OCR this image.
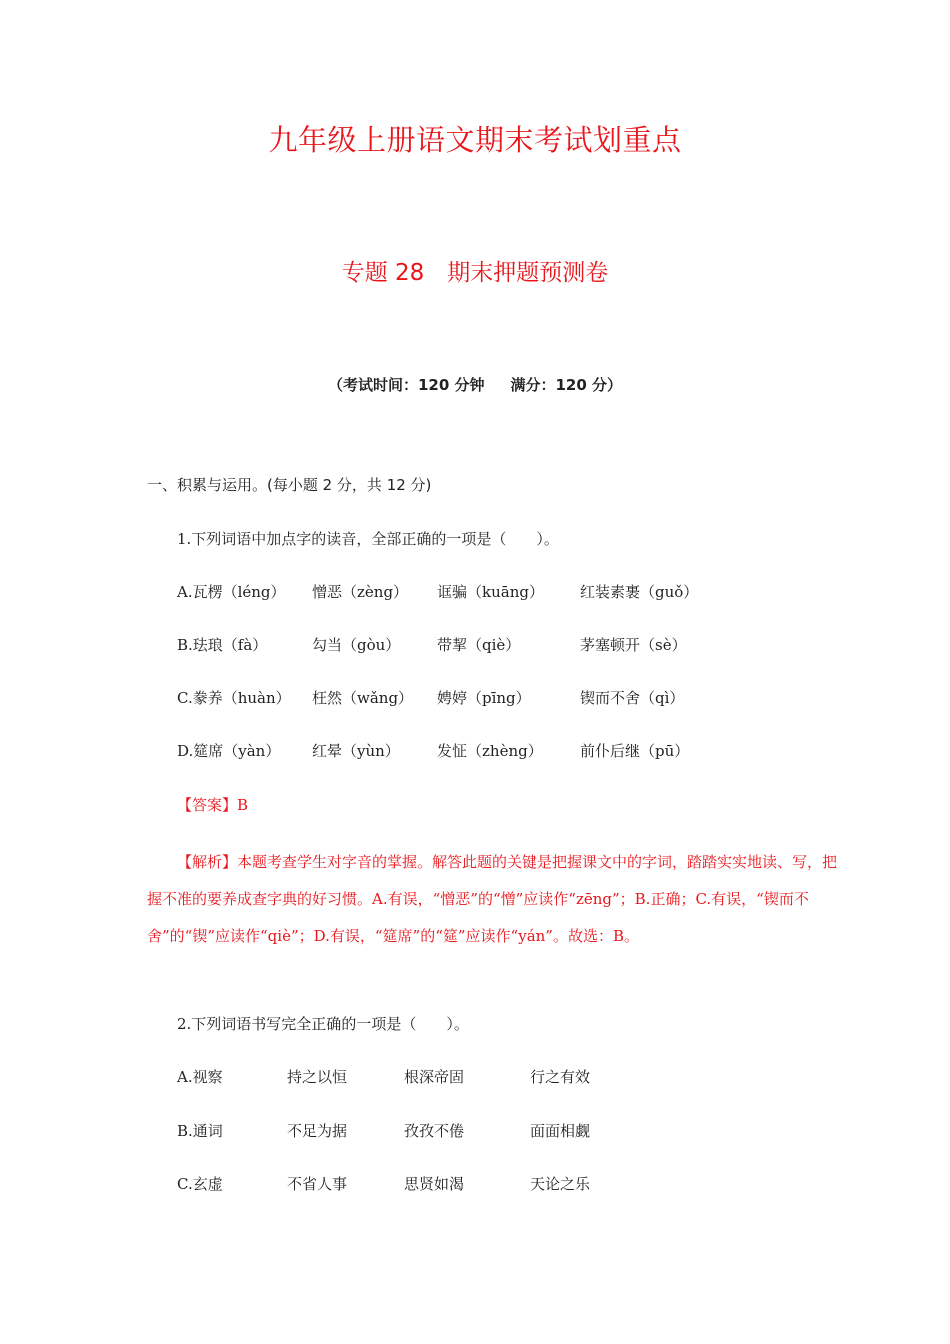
九年级上册语文期末考试划重点
专题 28　期末押题预测卷
（考试时间：120 分钟 满分：120 分）
一、积累与运用。(每小题 2 分，共 12 分)
1.下列词语中加点字的读音，全部正确的一项是（　　）。
A.瓦楞（léng） 憎恶（zèng） 诓骗（kuāng） 红装素裹（guǒ）
B.珐琅（fà）	勾当（gòu） 带挈（qiè）	茅塞顿开（sè）
C.豢养（huàn） 枉然（wǎng） 娉婷（pīng）	锲而不舍（qì）
D.筵席（yàn） 红晕（yùn） 发怔（zhèng） 前仆后继（pū）
【答案】B
【解析】本题考查学生对字音的掌握。解答此题的关键是把握课文中的字词，踏踏实实地读、写，把握不准的要养成查字典的好习惯。A.有误，“憎恶”的“憎”应读作“zēng”；B.正确；C.有误，“锲而不舍”的“锲”应读作“qiè”；D.有误，“筵席”的“筵”应读作“yán”。故选：B。
2.下列词语书写完全正确的一项是（　　）。
A.视察	持之以恒	根深帝固	行之有效
B.通词	不足为据	孜孜不倦	面面相觑
C.玄虚	不省人事	思贤如渴	天论之乐
